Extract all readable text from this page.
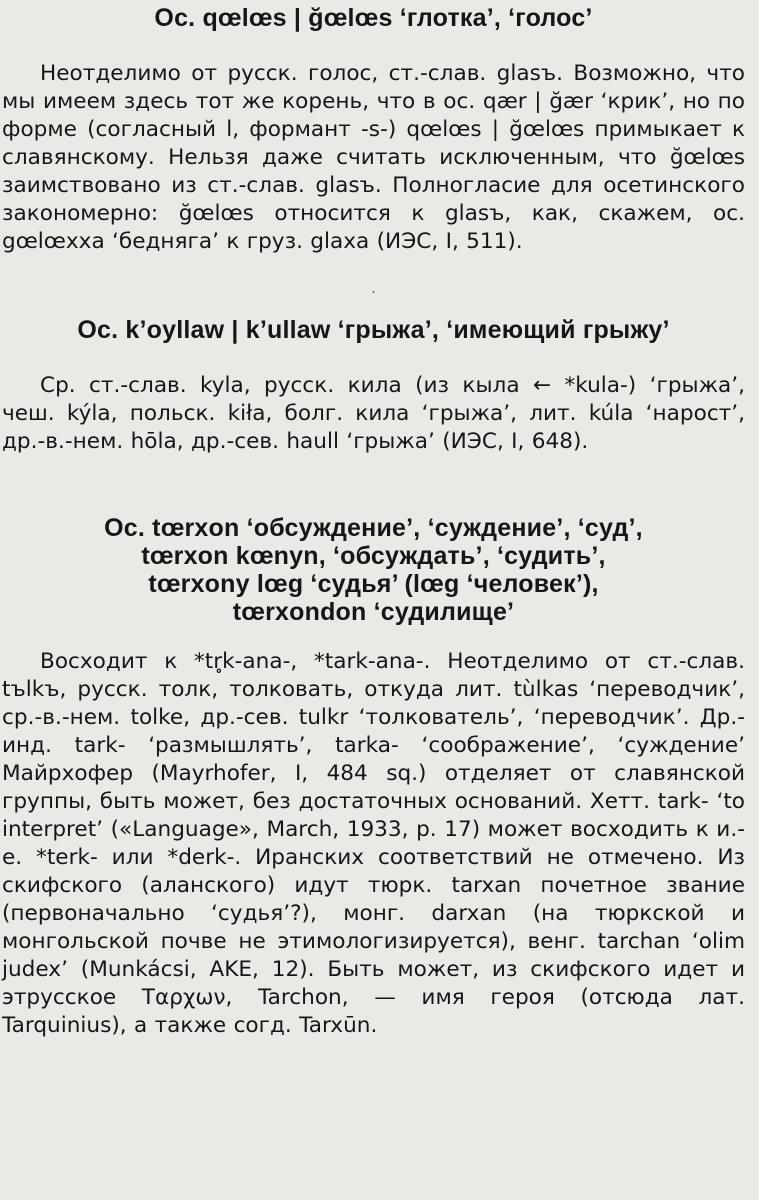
Ос. qœlœs | ğœlœs ‘глотка’, ‘голос’

Неотделимо от русск. голос, ст.-слав. glasъ. Возможно, что мы имеем здесь тот же корень, что в ос. qær | ğær ‘крик’, но по форме (согласный l, формант -s-) qœlœs | ğœlœs примыкает к славянскому. Нельзя даже считать исключенным, что ğœlœs заимствовано из ст.-слав. glasъ. Полногласие для осетинского закономерно: ğœlœs относится к glasъ, как, скажем, ос. gœlœxxa ‘бедняга’ к груз. glaxa (ИЭС, I, 511).

.
Ос. k’oyllaw | k’ullaw ‘грыжа’, ‘имеющий грыжу’

Ср. ст.-слав. kyla, русск. кила (из кыла ← *kula-) ‘грыжа’, чеш. kýla, польск. kiła, болг. кила ‘грыжа’, лит. kúla ‘нарост’, др.-в.-нем. hōla, др.-сев. haull ‘грыжа’ (ИЭС, I, 648).

Ос. tœrxon ‘обсуждение’, ‘суждение’, ‘суд’,
tœrxon kœnyn, ‘обсуждать’, ‘судить’,
tœrxony lœg ‘судья’ (lœg ‘человек’),
tœrxondon ‘судилище’

Восходит к *tr̥k-ana-, *tark-ana-. Неотделимо от ст.-слав. tъlkъ, русск. толк, толковать, откуда лит. tùlkas ‘переводчик’, ср.-в.-нем. tolke, др.-сев. tulkr ‘толкователь’, ‘переводчик’. Др.-инд. tark- ‘размышлять’, tarka- ‘соображение’, ‘суждение’ Майрхофер (Mayrhofer, I, 484 sq.) отделяет от славянской группы, быть может, без достаточных оснований. Хетт. tark- ‘to interpret’ («Language», March, 1933, p. 17) может восходить к и.-е. *terk- или *derk-. Иранских соответствий не отмечено. Из скифского (аланского) идут тюрк. tarxan почетное звание (первоначально ‘судья’?), монг. darxan (на тюркской и монгольской почве не этимологизируется), венг. tarchan ‘olim judex’ (Munkácsi, AKE, 12). Быть может, из скифского идет и этрусское Ταρχων, Tarchon, — имя героя (отсюда лат. Tarquinius), а также согд. Tarxūn.
